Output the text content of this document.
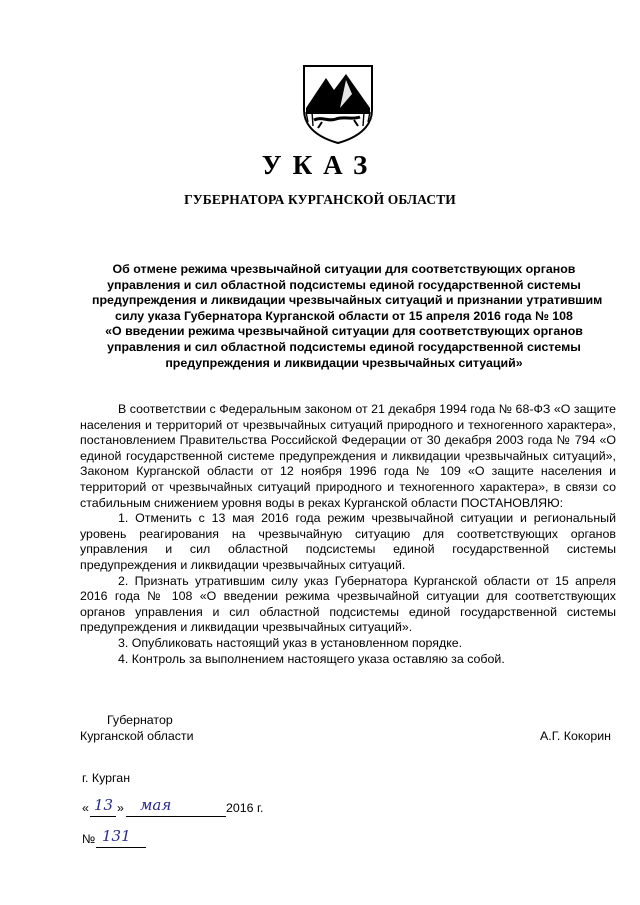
УКАЗ
ГУБЕРНАТОРА КУРГАНСКОЙ ОБЛАСТИ
Об отмене режима чрезвычайной ситуации для соответствующих органов
управления и сил областной подсистемы единой государственной системы
предупреждения и ликвидации чрезвычайных ситуаций и признании утратившим
силу указа Губернатора Курганской области от 15 апреля 2016 года № 108
«О введении режима чрезвычайной ситуации для соответствующих органов
управления и сил областной подсистемы единой государственной системы
предупреждения и ликвидации чрезвычайных ситуаций»

В соответствии с Федеральным законом от 21 декабря 1994 года № 68-ФЗ «О защите населения и территорий от чрезвычайных ситуаций природного и техногенного характера», постановлением Правительства Российской Федерации от 30 декабря 2003 года № 794 «О единой государственной системе предупреждения и ликвидации чрезвычайных ситуаций», Законом Курганской области от 12 ноября 1996 года № 109 «О защите населения и территорий от чрезвычайных ситуаций природного и техногенного характера», в связи со стабильным снижением уровня воды в реках Курганской области ПОСТАНОВЛЯЮ:

1. Отменить с 13 мая 2016 года режим чрезвычайной ситуации и региональный уровень реагирования на чрезвычайную ситуацию для соответствующих органов управления и сил областной подсистемы единой государственной системы предупреждения и ликвидации чрезвычайных ситуаций.

2. Признать утратившим силу указ Губернатора Курганской области от 15 апреля 2016 года № 108 «О введении режима чрезвычайной ситуации для соответствующих органов управления и сил областной подсистемы единой государственной системы предупреждения и ликвидации чрезвычайных ситуаций».

3. Опубликовать настоящий указ в установленном порядке.

4. Контроль за выполнением настоящего указа оставляю за собой.

Губернатор
Курганской области	А.Г. Кокорин
г. Курган
« 13 » мая	2016 г.
№ 131
